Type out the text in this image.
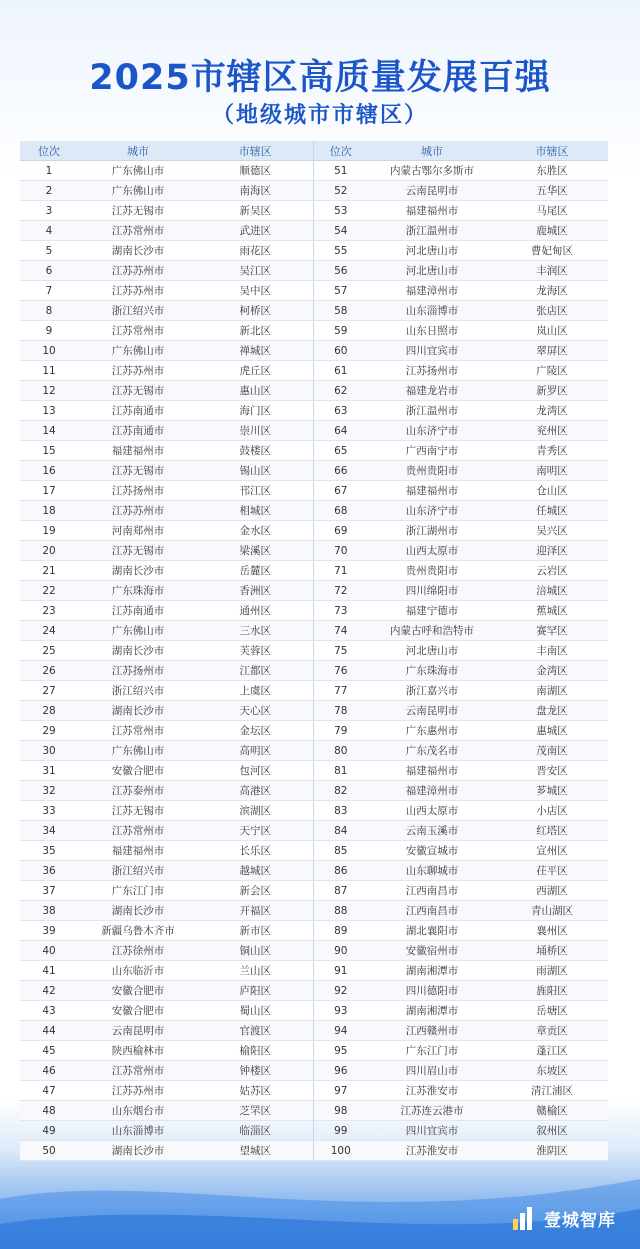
2025市辖区高质量发展百强
（地级城市市辖区）
位次	城市	市辖区	位次	城市	市辖区
1	广东佛山市	顺德区	51	内蒙古鄂尔多斯市	东胜区
2	广东佛山市	南海区	52	云南昆明市	五华区
3	江苏无锡市	新吴区	53	福建福州市	马尾区
4	江苏常州市	武进区	54	浙江温州市	鹿城区
5	湖南长沙市	雨花区	55	河北唐山市	曹妃甸区
6	江苏苏州市	吴江区	56	河北唐山市	丰润区
7	江苏苏州市	吴中区	57	福建漳州市	龙海区
8	浙江绍兴市	柯桥区	58	山东淄博市	张店区
9	江苏常州市	新北区	59	山东日照市	岚山区
10	广东佛山市	禅城区	60	四川宜宾市	翠屏区
11	江苏苏州市	虎丘区	61	江苏扬州市	广陵区
12	江苏无锡市	惠山区	62	福建龙岩市	新罗区
13	江苏南通市	海门区	63	浙江温州市	龙湾区
14	江苏南通市	崇川区	64	山东济宁市	兖州区
15	福建福州市	鼓楼区	65	广西南宁市	青秀区
16	江苏无锡市	锡山区	66	贵州贵阳市	南明区
17	江苏扬州市	邗江区	67	福建福州市	仓山区
18	江苏苏州市	相城区	68	山东济宁市	任城区
19	河南郑州市	金水区	69	浙江湖州市	吴兴区
20	江苏无锡市	梁溪区	70	山西太原市	迎泽区
21	湖南长沙市	岳麓区	71	贵州贵阳市	云岩区
22	广东珠海市	香洲区	72	四川绵阳市	涪城区
23	江苏南通市	通州区	73	福建宁德市	蕉城区
24	广东佛山市	三水区	74	内蒙古呼和浩特市	赛罕区
25	湖南长沙市	芙蓉区	75	河北唐山市	丰南区
26	江苏扬州市	江都区	76	广东珠海市	金湾区
27	浙江绍兴市	上虞区	77	浙江嘉兴市	南湖区
28	湖南长沙市	天心区	78	云南昆明市	盘龙区
29	江苏常州市	金坛区	79	广东惠州市	惠城区
30	广东佛山市	高明区	80	广东茂名市	茂南区
31	安徽合肥市	包河区	81	福建福州市	晋安区
32	江苏泰州市	高港区	82	福建漳州市	芗城区
33	江苏无锡市	滨湖区	83	山西太原市	小店区
34	江苏常州市	天宁区	84	云南玉溪市	红塔区
35	福建福州市	长乐区	85	安徽宣城市	宣州区
36	浙江绍兴市	越城区	86	山东聊城市	茌平区
37	广东江门市	新会区	87	江西南昌市	西湖区
38	湖南长沙市	开福区	88	江西南昌市	青山湖区
39	新疆乌鲁木齐市	新市区	89	湖北襄阳市	襄州区
40	江苏徐州市	铜山区	90	安徽宿州市	埇桥区
41	山东临沂市	兰山区	91	湖南湘潭市	雨湖区
42	安徽合肥市	庐阳区	92	四川德阳市	旌阳区
43	安徽合肥市	蜀山区	93	湖南湘潭市	岳塘区
44	云南昆明市	官渡区	94	江西赣州市	章贡区
45	陕西榆林市	榆阳区	95	广东江门市	蓬江区
46	江苏常州市	钟楼区	96	四川眉山市	东坡区
47	江苏苏州市	姑苏区	97	江苏淮安市	清江浦区
48	山东烟台市	芝罘区	98	江苏连云港市	赣榆区
49	山东淄博市	临淄区	99	四川宜宾市	叙州区
50	湖南长沙市	望城区	100	江苏淮安市	淮阴区
壹城智库
